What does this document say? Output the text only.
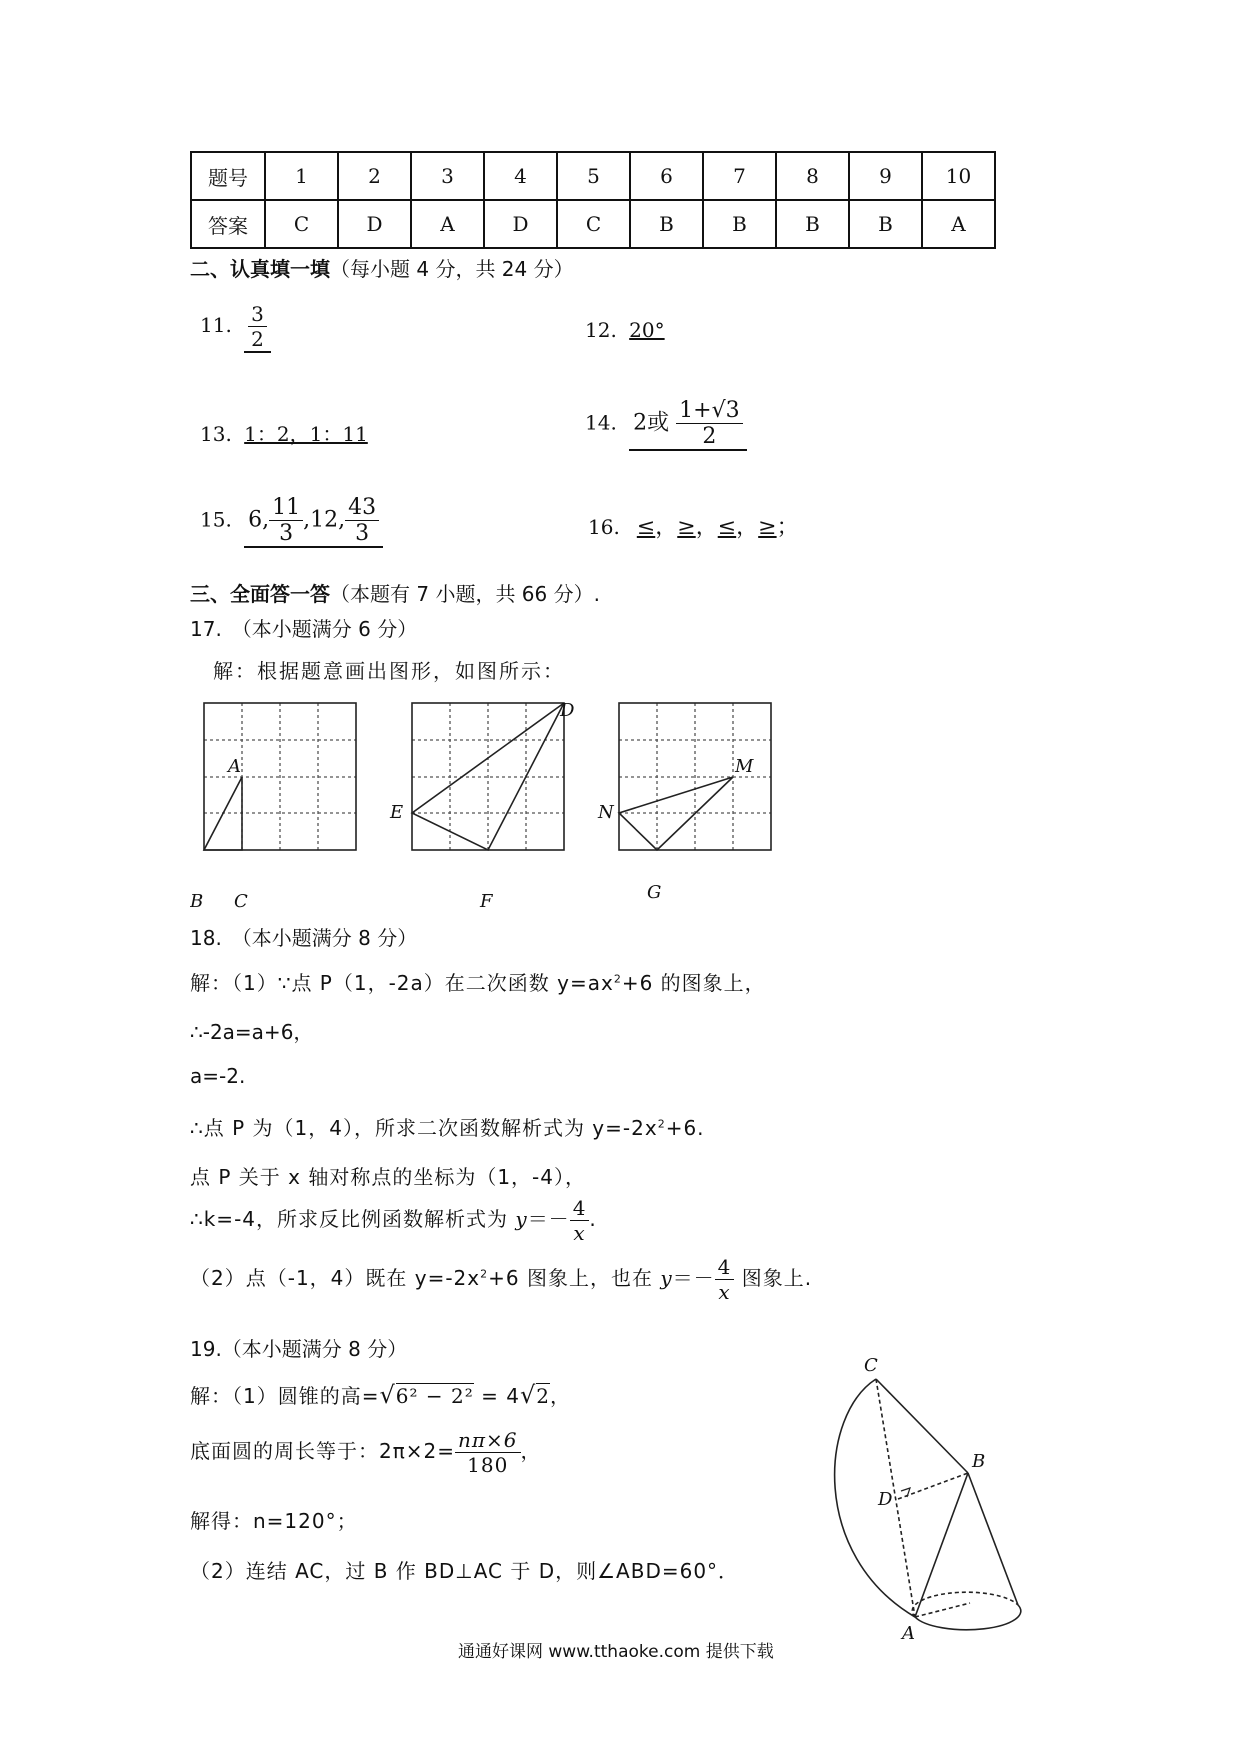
题号	1	2	3	4	5	6	7	8	9	10
答案	C	D	A	D	C	B	B	B	B	A
二、认真填一填（每小题 4 分，共 24 分）
11. $\frac{3}{2}$	12. 20°
13. 1：2，1：11	14. 2或 $\frac{1+√3}{2}$
15. 6, $\frac{11}{3} ,12$, $\frac{43}{3}$	16. ≤，≥，≤，≥；
三、全面答一答（本题有 7 小题，共 66 分）.
17.　（本小题满分 6 分）
解：根据题意画出图形，如图所示：
A
B C
D
E
F
M
N
G
18.　（本小题满分 8 分）
解：（1）∵点 P（1，-2a）在二次函数 $y=ax^2+6$ 的图象上，
∴-2a=a+6，
a=-2.
∴点 P 为（1，4），所求二次函数解析式为 $y=-2x^2+6$.
点 P 关于 x 轴对称点的坐标为（1，-4），
∴k=-4，所求反比例函数解析式为 $y=- \frac{4}{x}$ .
（2）点（-1，4）既在 $y=-2x^2+6$ 图象上，也在 $y=- \frac{4}{x}$ 图象上.
19.（本小题满分 8 分）
解：（1）圆锥的高=√6² − 2² = 4√2，
底面圆的周长等于：$2\pi\times 2= \frac{n\pi\times 6}{180}$ ，
解得：n=120°；
（2）连结 AC，过 B 作 BD⊥AC 于 D，则∠ABD=60°．
C
B
D
A
通通好课网 www.tthaoke.com 提供下载
